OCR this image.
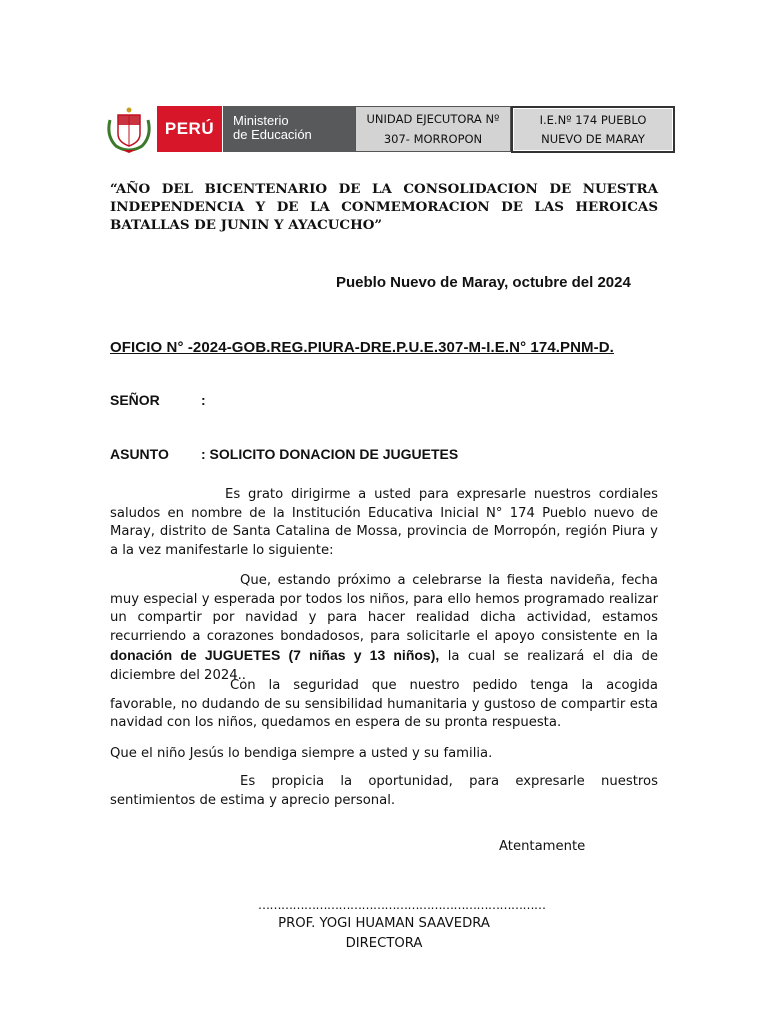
PERÚ	Ministerio
de Educación
UNIDAD EJECUTORA Nº
307- MORROPON
I.E.Nº 174 PUEBLO
NUEVO DE MARAY
“AÑO DEL BICENTENARIO DE LA CONSOLIDACION DE NUESTRA INDEPENDENCIA Y DE LA CONMEMORACION DE LAS HEROICAS BATALLAS DE JUNIN Y AYACUCHO”
Pueblo Nuevo de Maray, octubre del 2024
OFICIO N° -2024-GOB.REG.PIURA-DRE.P.U.E.307-M-I.E.N° 174.PNM-D.
SEÑOR	:
ASUNTO : SOLICITO DONACION DE JUGUETES
Es grato dirigirme a usted para expresarle nuestros cordiales saludos en nombre de la Institución Educativa Inicial N° 174 Pueblo nuevo de Maray, distrito de Santa Catalina de Mossa, provincia de Morropón, región Piura y a la vez manifestarle lo siguiente:
Que, estando próximo a celebrarse la fiesta navideña, fecha muy especial y esperada por todos los niños, para ello hemos programado realizar un compartir por navidad y para hacer realidad dicha actividad, estamos recurriendo a corazones bondadosos, para solicitarle el apoyo consistente en la donación de JUGUETES (7 niñas y 13 niños), la cual se realizará el dia de diciembre del 2024..
Con la seguridad que nuestro pedido tenga la acogida favorable, no dudando de su sensibilidad humanitaria y gustoso de compartir esta navidad con los niños, quedamos en espera de su pronta respuesta.
Que el niño Jesús lo bendiga siempre a usted y su familia.
Es propicia la oportunidad, para expresarle nuestros sentimientos de estima y aprecio personal.
Atentamente
…………………………………………………………………
PROF. YOGI HUAMAN SAAVEDRA
DIRECTORA
